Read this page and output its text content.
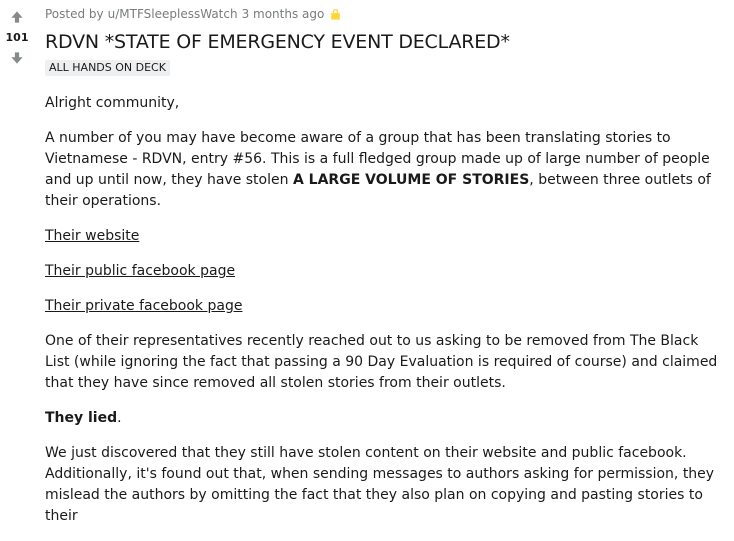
101
Posted by u/MTFSleeplessWatch 3 months ago
RDVN *STATE OF EMERGENCY EVENT DECLARED*
ALL HANDS ON DECK

Alright community,

A number of you may have become aware of a group that has been translating stories to Vietnamese - RDVN, entry #56. This is a full fledged group made up of large number of people and up until now, they have stolen A LARGE VOLUME OF STORIES, between three outlets of their operations.

Their website

Their public facebook page

Their private facebook page

One of their representatives recently reached out to us asking to be removed from The Black List (while ignoring the fact that passing a 90 Day Evaluation is required of course) and claimed that they have since removed all stolen stories from their outlets.

They lied.

We just discovered that they still have stolen content on their website and public facebook. Additionally, it's found out that, when sending messages to authors asking for permission, they mislead the authors by omitting the fact that they also plan on copying and pasting stories to their
